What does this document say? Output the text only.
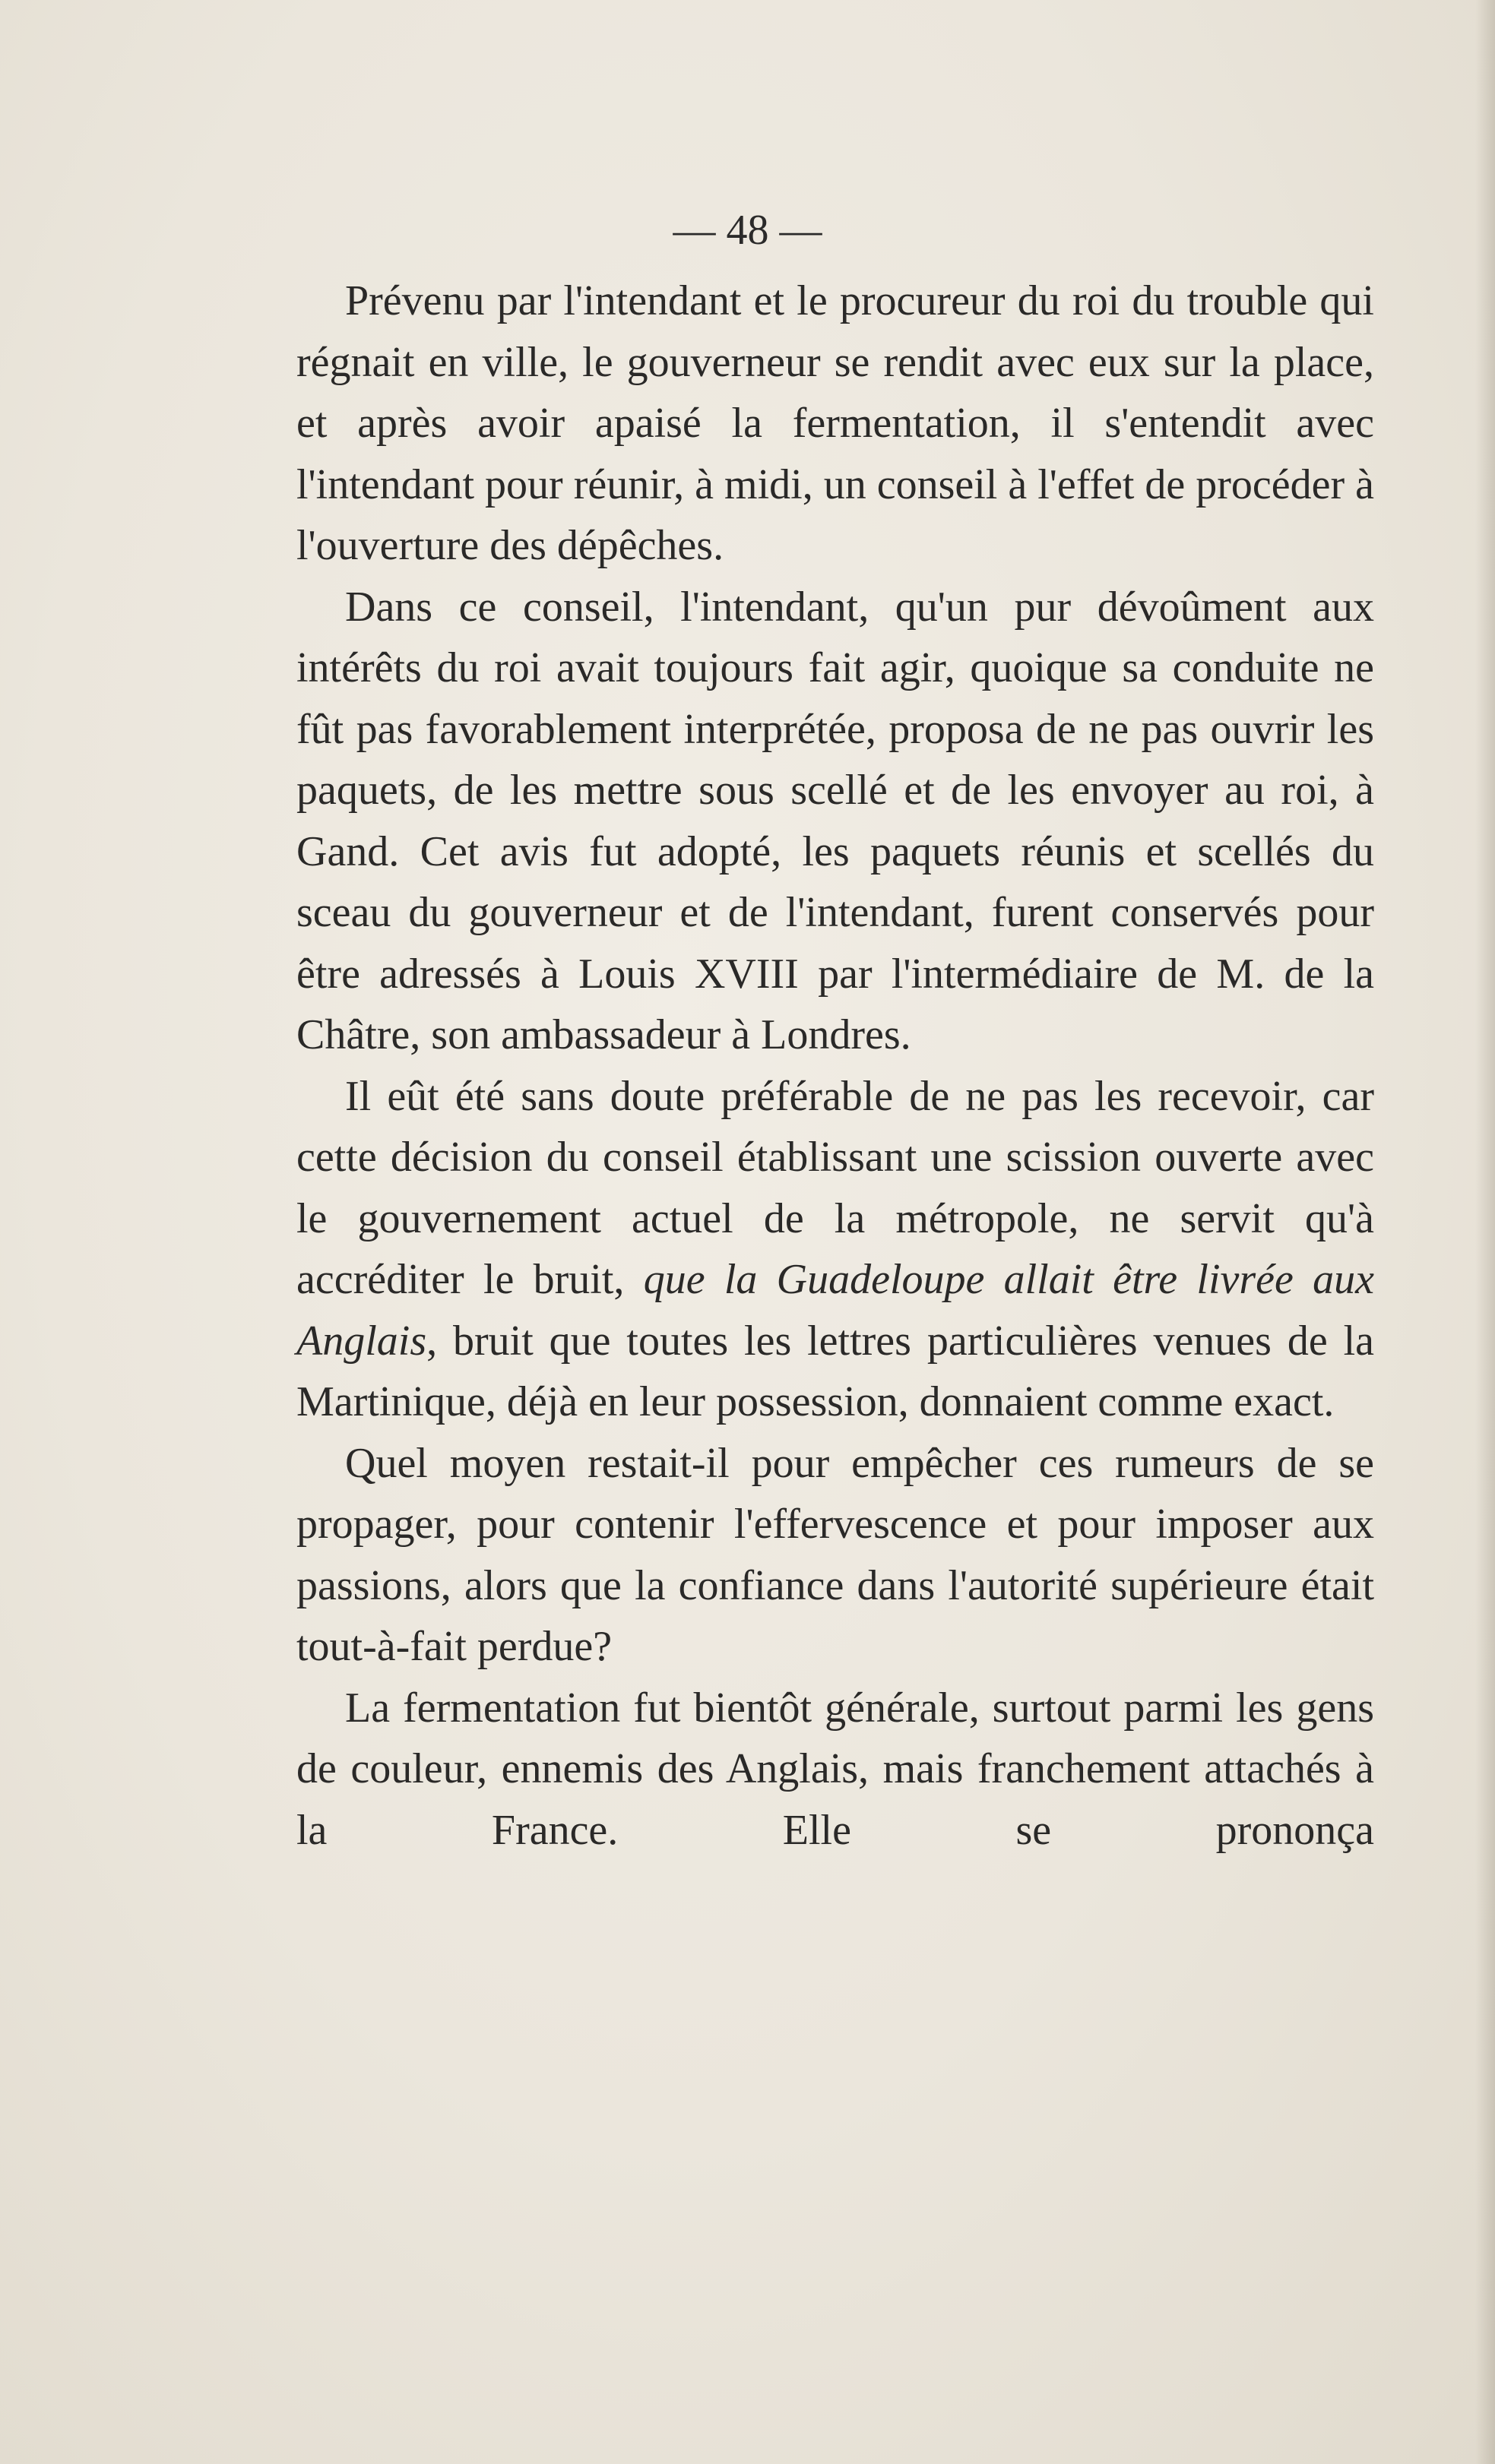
— 48 —

Prévenu par l'intendant et le procureur du roi du trouble qui régnait en ville, le gouverneur se rendit avec eux sur la place, et après avoir apaisé la fermentation, il s'entendit avec l'intendant pour réunir, à midi, un conseil à l'effet de procéder à l'ouverture des dépêches.

Dans ce conseil, l'intendant, qu'un pur dévoûment aux intérêts du roi avait toujours fait agir, quoique sa conduite ne fût pas favorablement interprétée, proposa de ne pas ouvrir les paquets, de les mettre sous scellé et de les envoyer au roi, à Gand. Cet avis fut adopté, les paquets réunis et scellés du sceau du gouverneur et de l'intendant, furent conservés pour être adressés à Louis XVIII par l'intermédiaire de M. de la Châtre, son ambassadeur à Londres.

Il eût été sans doute préférable de ne pas les recevoir, car cette décision du conseil établissant une scission ouverte avec le gouvernement actuel de la métropole, ne servit qu'à accréditer le bruit, que la Guadeloupe allait être livrée aux Anglais, bruit que toutes les lettres particulières venues de la Martinique, déjà en leur possession, donnaient comme exact.

Quel moyen restait-il pour empêcher ces rumeurs de se propager, pour contenir l'effervescence et pour imposer aux passions, alors que la confiance dans l'autorité supérieure était tout-à-fait perdue?

La fermentation fut bientôt générale, surtout parmi les gens de couleur, ennemis des Anglais, mais franchement attachés à la France. Elle se prononça
